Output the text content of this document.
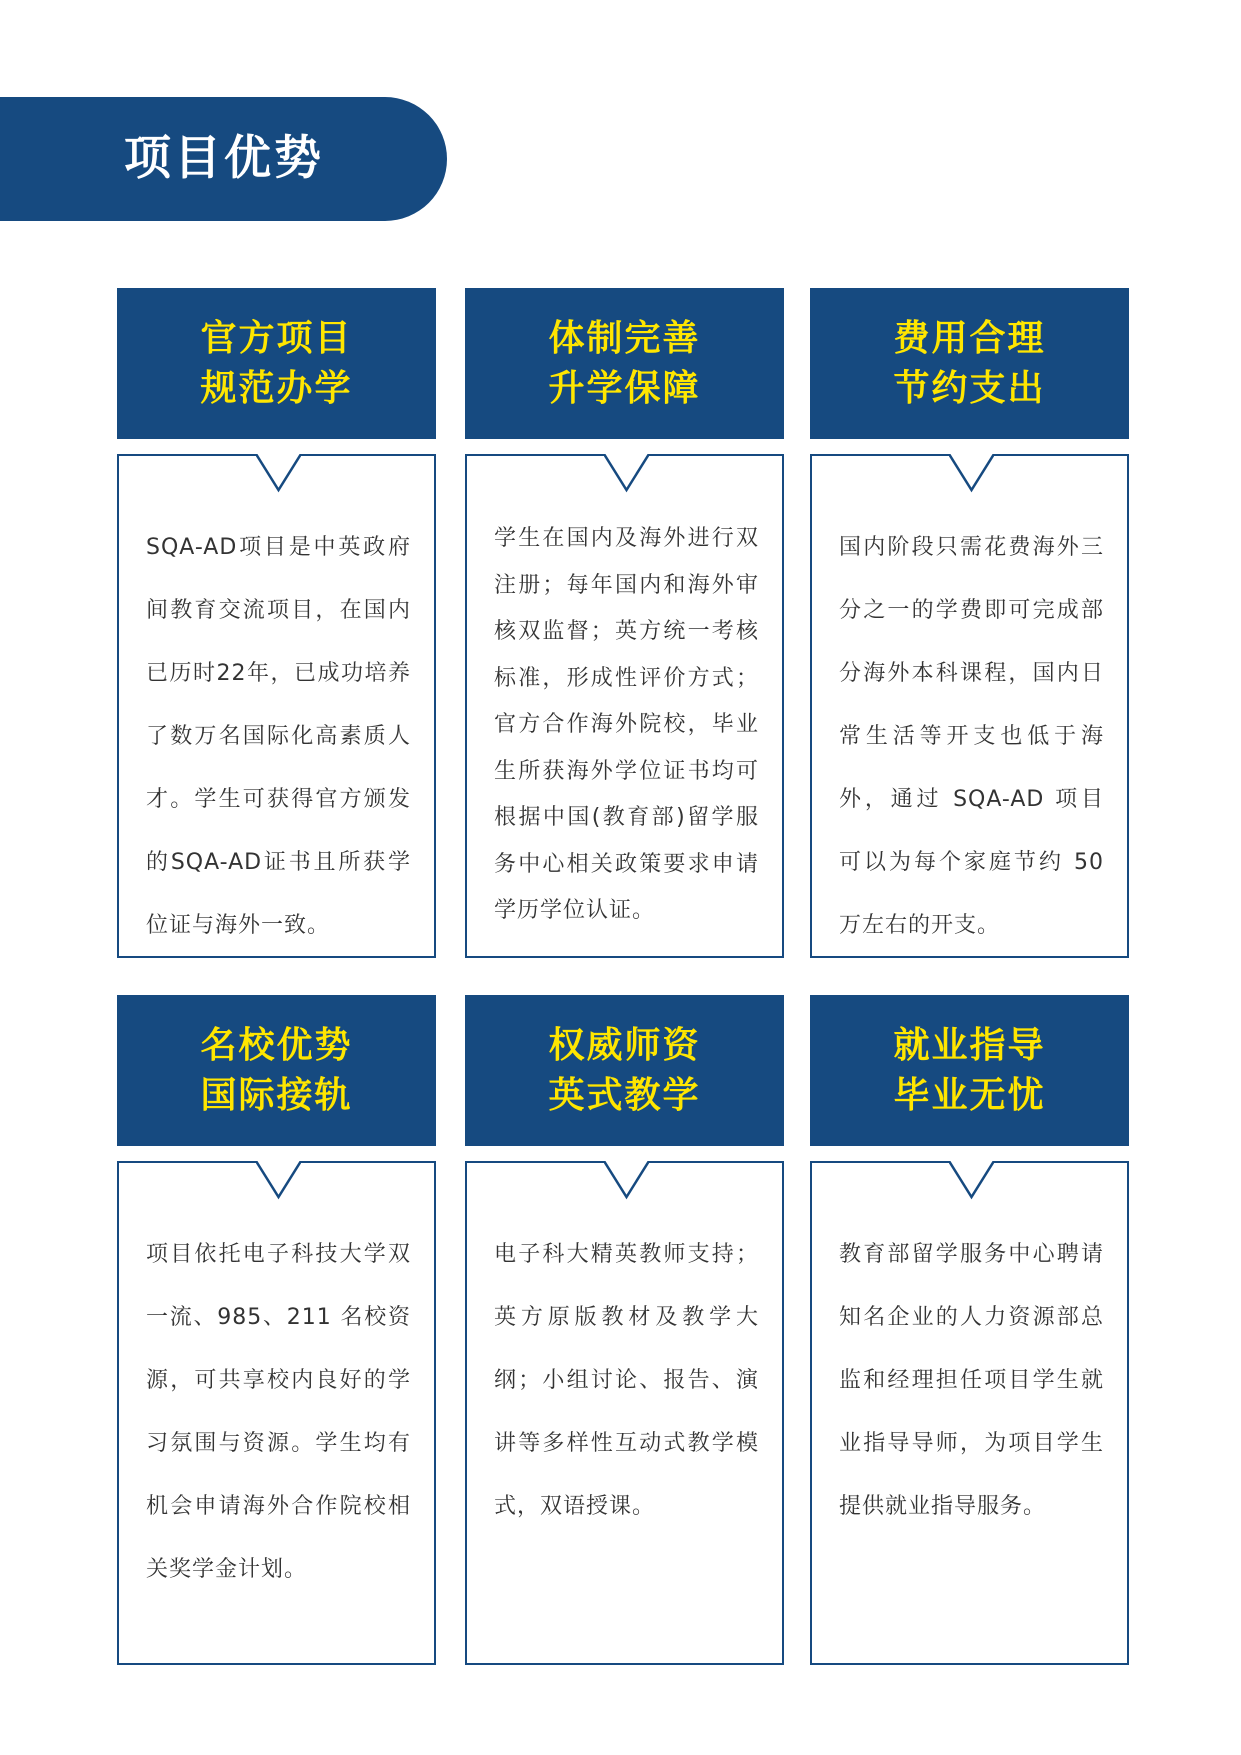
项目优势
官方项目
规范办学
SQA-AD项目是中英政府间教育交流项目，在国内已历时22年，已成功培养了数万名国际化高素质人才。学生可获得官方颁发的SQA-AD证书且所获学位证与海外一致。
体制完善
升学保障
学生在国内及海外进行双注册；每年国内和海外审核双监督；英方统一考核标准，形成性评价方式；官方合作海外院校，毕业生所获海外学位证书均可根据中国(教育部)留学服务中心相关政策要求申请学历学位认证。
费用合理
节约支出
国内阶段只需花费海外三分之一的学费即可完成部分海外本科课程，国内日常生活等开支也低于海外，通过 SQA-AD 项目可以为每个家庭节约 50 万左右的开支。
名校优势
国际接轨
项目依托电子科技大学双一流、985、211 名校资源，可共享校内良好的学习氛围与资源。学生均有机会申请海外合作院校相关奖学金计划。
权威师资
英式教学
电子科大精英教师支持；英方原版教材及教学大纲；小组讨论、报告、演讲等多样性互动式教学模式，双语授课。
就业指导
毕业无忧
教育部留学服务中心聘请知名企业的人力资源部总监和经理担任项目学生就业指导导师，为项目学生提供就业指导服务。
